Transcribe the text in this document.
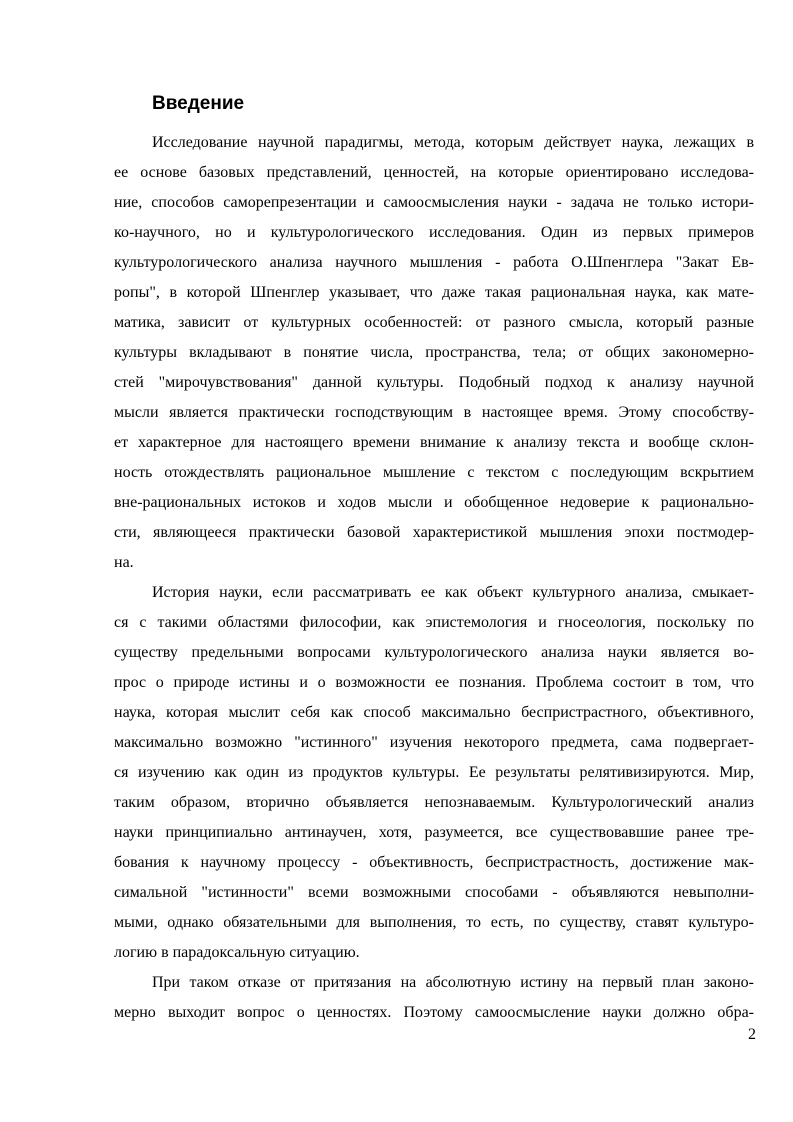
Введение
Исследование научной парадигмы, метода, которым действует наука, лежащих в
ее основе базовых представлений, ценностей, на которые ориентировано исследова-
ние, способов саморепрезентации и самоосмысления науки - задача не только истори-
ко-научного, но и культурологического исследования. Один из первых примеров
культурологического анализа научного мышления - работа О.Шпенглера "Закат Ев-
ропы", в которой Шпенглер указывает, что даже такая рациональная наука, как мате-
матика, зависит от культурных особенностей: от разного смысла, который разные
культуры вкладывают в понятие числа, пространства, тела; от общих закономерно-
стей "мирочувствования" данной культуры. Подобный подход к анализу научной
мысли является практически господствующим в настоящее время. Этому способству-
ет характерное для настоящего времени внимание к анализу текста и вообще склон-
ность отождествлять рациональное мышление с текстом с последующим вскрытием
вне-рациональных истоков и ходов мысли и обобщенное недоверие к рационально-
сти, являющееся практически базовой характеристикой мышления эпохи постмодер-
на.
История науки, если рассматривать ее как объект культурного анализа, смыкает-
ся с такими областями философии, как эпистемология и гносеология, поскольку по
существу предельными вопросами культурологического анализа науки является во-
прос о природе истины и о возможности ее познания. Проблема состоит в том, что
наука, которая мыслит себя как способ максимально беспристрастного, объективного,
максимально возможно "истинного" изучения некоторого предмета, сама подвергает-
ся изучению как один из продуктов культуры. Ее результаты релятивизируются. Мир,
таким образом, вторично объявляется непознаваемым. Культурологический анализ
науки принципиально антинаучен, хотя, разумеется, все существовавшие ранее тре-
бования к научному процессу - объективность, беспристрастность, достижение мак-
симальной "истинности" всеми возможными способами - объявляются невыполни-
мыми, однако обязательными для выполнения, то есть, по существу, ставят культуро-
логию в парадоксальную ситуацию.
При таком отказе от притязания на абсолютную истину на первый план законо-
мерно выходит вопрос о ценностях. Поэтому самоосмысление науки должно обра-
2
